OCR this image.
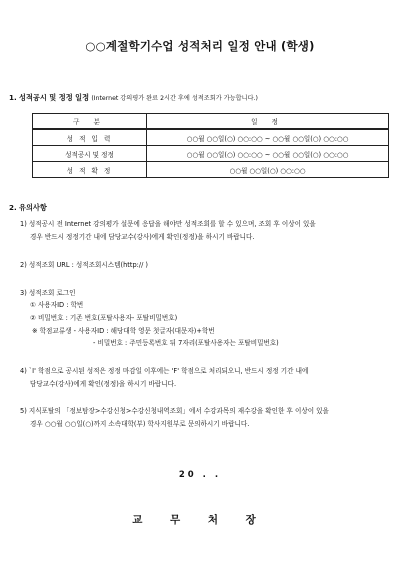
○○계절학기수업 성적처리 일정 안내 (학생)
1. 성적공시 및 정정 일정 (Internet 강의평가 완료 2시간 후에 성적조회가 가능합니다.)
구 분	일 정
성 적 입 력	○○월 ○○일(○) ○○:○○ ~ ○○월 ○○일(○) ○○:○○
성적공시 및 정정	○○월 ○○일(○) ○○:○○ ~ ○○월 ○○일(○) ○○:○○
성 적 확 정	○○월 ○○일(○) ○○:○○
2. 유의사항
1) 성적공시 전 Internet 강의평가 설문에 응답을 해야만 성적조회를 할 수 있으며, 조회 후 이상이 있을
경우 반드시 정정기간 내에 담당교수(강사)에게 확인(정정)을 하시기 바랍니다.
2) 성적조회 URL : 성적조회시스템(http:// )
3) 성적조회 로그인
① 사용자ID : 학번
② 비밀번호 : 기존 번호(포탈사용자- 포탈비밀번호)
※ 학점교류생 - 사용자ID : 해당대학 영문 첫글자(대문자)+학번
- 비밀번호 : 주민등록번호 뒤 7자리(포탈사용자는 포탈비밀번호)
4) `I' 학점으로 공시된 성적은 정정 마감일 이후에는 'F' 학점으로 처리되오니, 반드시 정정 기간 내에
담당교수(강사)에게 확인(정정)을 하시기 바랍니다.
5) 지식포탈의 「정보탐장>수강신청>수강신청내역조회」에서 수강과목의 재수강을 확인한 후 이상이 있을
경우 ○○월 ○○일(○)까지 소속대학(부) 학사지원부로 문의하시기 바랍니다.
20 . .
교 무 처 장
